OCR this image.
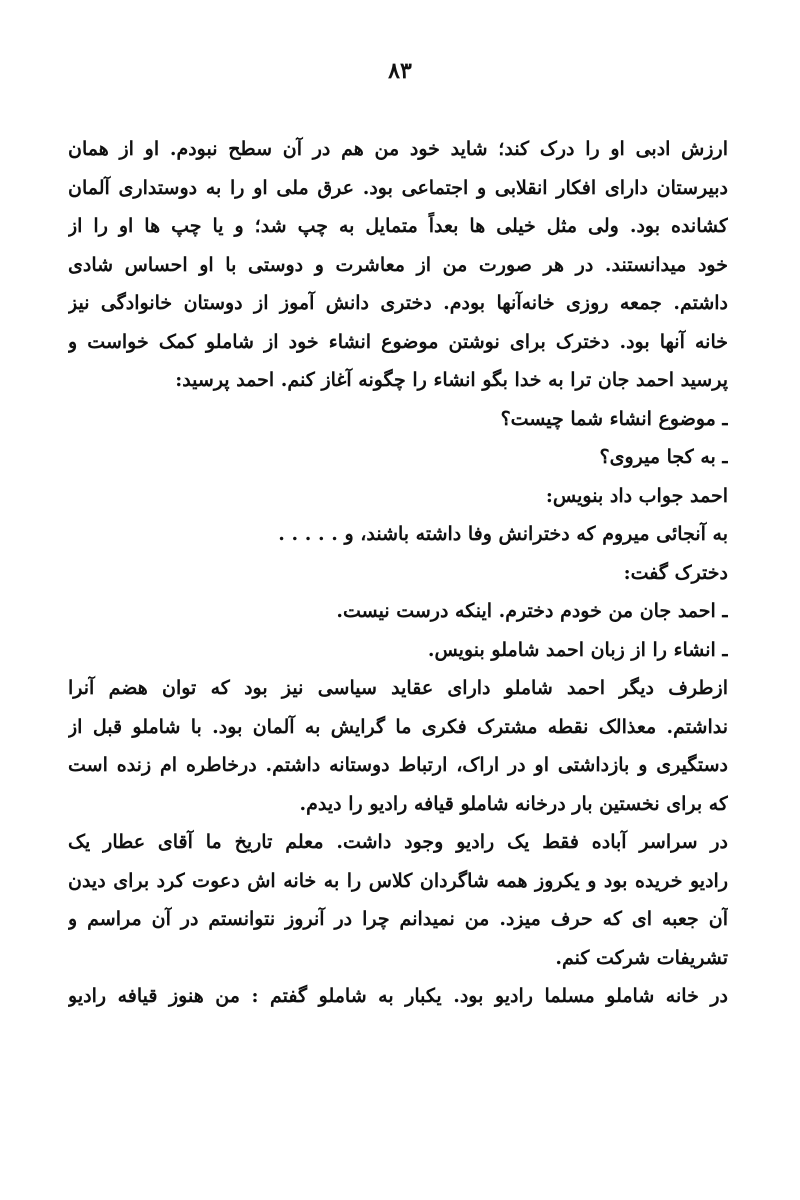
۸۳
ارزش ادبی او را درک کند؛ شاید خود من هم در آن سطح نبودم. او از همان
دبیرستان دارای افکار انقلابی و اجتماعی بود. عرق ملی او را به دوستداری آلمان
کشانده بود. ولی مثل خیلی ها بعداً متمایل به چپ شد؛ و یا چپ ها او را از
خود میدانستند. در هر صورت من از معاشرت و دوستی با او احساس شادی
داشتم. جمعه روزی خانه‌آنها بودم. دختری دانش آموز از دوستان خانوادگی نیز
خانه آنها بود. دخترک برای نوشتن موضوع انشاء خود از شاملو کمک خواست و
پرسید احمد جان ترا به خدا بگو انشاء را چگونه آغاز کنم. احمد پرسید:
ـ موضوع انشاء شما چیست؟
ـ به کجا میروی؟
احمد جواب داد بنویس:
به آنجائی میروم که دخترانش وفا داشته باشند، و . . . . .
دخترک گفت:
ـ احمد جان من خودم دخترم. اینکه درست نیست.
ـ انشاء را از زبان احمد شاملو بنویس.
ازطرف دیگر احمد شاملو دارای عقاید سیاسی نیز بود که توان هضم آنرا
نداشتم. معذالک نقطه مشترک فکری ما گرایش به آلمان بود. با شاملو قبل از
دستگیری و بازداشتی او در اراک، ارتباط دوستانه داشتم. درخاطره ام زنده است
که برای نخستین بار درخانه شاملو قیافه رادیو را دیدم.
در سراسر آباده فقط یک رادیو وجود داشت. معلم تاریخ ما آقای عطار یک
رادیو خریده بود و یکروز همه شاگردان کلاس را به خانه اش دعوت کرد برای دیدن
آن جعبه ای که حرف میزد. من نمیدانم چرا در آنروز نتوانستم در آن مراسم و
تشریفات شرکت کنم.
در خانه شاملو مسلما رادیو بود. یکبار به شاملو گفتم : من هنوز قیافه رادیو
